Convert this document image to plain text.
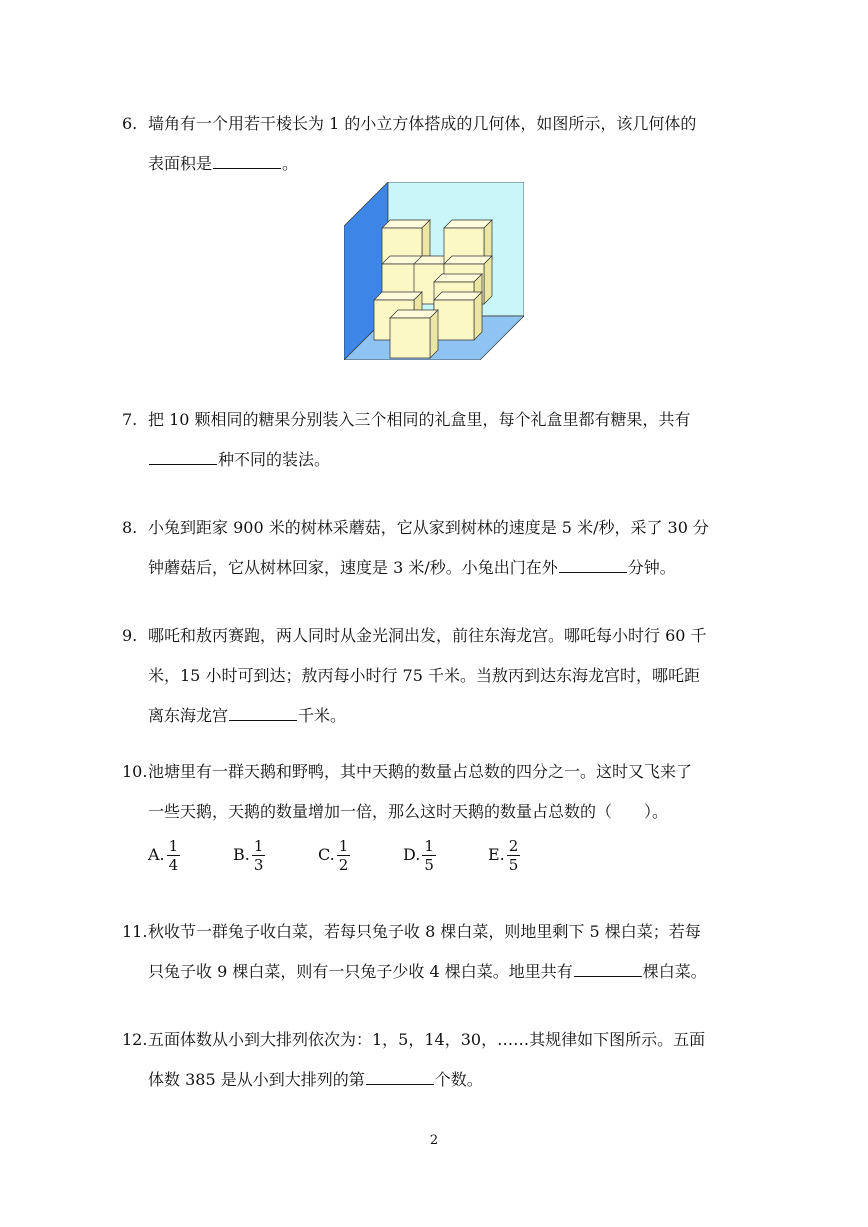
6. 墙角有一个用若干棱长为 1 的小立方体搭成的几何体，如图所示，该几何体的
表面积是	。
7. 把 10 颗相同的糖果分别装入三个相同的礼盒里，每个礼盒里都有糖果，共有
种不同的装法。
8. 小兔到距家 900 米的树林采蘑菇，它从家到树林的速度是 5 米/秒，采了 30 分
钟蘑菇后，它从树林回家，速度是 3 米/秒。小兔出门在外	分钟。
9. 哪吒和敖丙赛跑，两人同时从金光洞出发，前往东海龙宫。哪吒每小时行 60 千
米，15 小时可到达；敖丙每小时行 75 千米。当敖丙到达东海龙宫时，哪吒距
离东海龙宫	千米。
10. 池塘里有一群天鹅和野鸭，其中天鹅的数量占总数的四分之一。这时又飞来了
一些天鹅，天鹅的数量增加一倍，那么这时天鹅的数量占总数的（　　）。
A. $\frac{1}{4}$	B. $\frac{1}{3}$	C. $\frac{1}{2}$	D. $\frac{1}{5}$	E. $\frac{2}{5}$
11. 秋收节一群兔子收白菜，若每只兔子收 8 棵白菜，则地里剩下 5 棵白菜；若每
只兔子收 9 棵白菜，则有一只兔子少收 4 棵白菜。地里共有	棵白菜。
12. 五面体数从小到大排列依次为：1，5，14，30，……其规律如下图所示。五面
体数 385 是从小到大排列的第	个数。
2
